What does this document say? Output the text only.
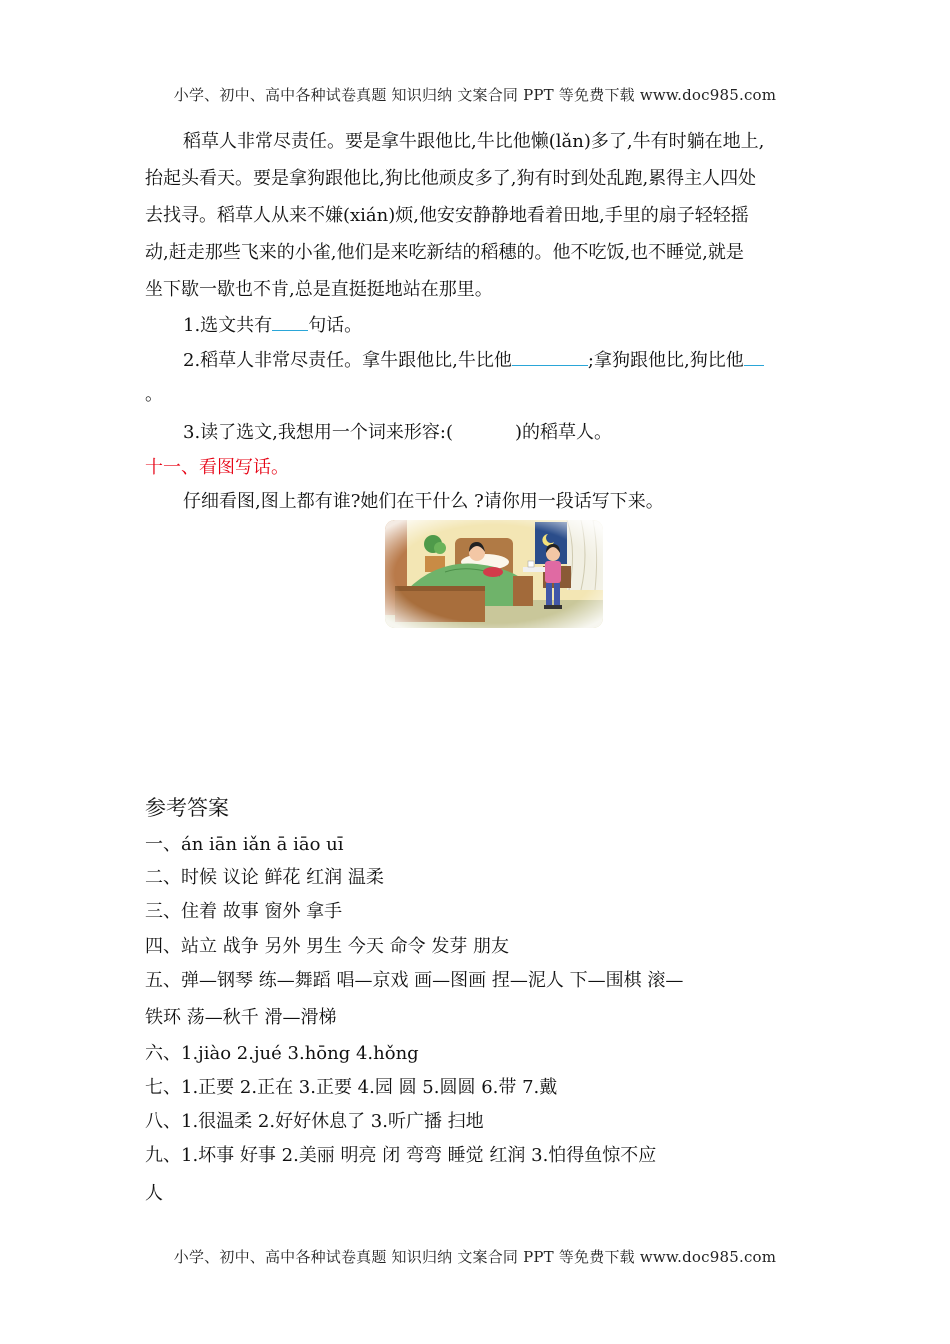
小学、初中、高中各种试卷真题 知识归纳 文案合同 PPT 等免费下载 www.doc985.com
稻草人非常尽责任。要是拿牛跟他比,牛比他懒(lǎn)多了,牛有时躺在地上,
抬起头看天。要是拿狗跟他比,狗比他顽皮多了,狗有时到处乱跑,累得主人四处
去找寻。稻草人从来不嫌(xián)烦,他安安静静地看着田地,手里的扇子轻轻摇
动,赶走那些飞来的小雀,他们是来吃新结的稻穗的。他不吃饭,也不睡觉,就是
坐下歇一歇也不肯,总是直挺挺地站在那里。
1.选文共有 句话。
2.稻草人非常尽责任。拿牛跟他比,牛比他	;拿狗跟他比,狗比他
。
3.读了选文,我想用一个词来形容:(	)的稻草人。
十一、看图写话。
仔细看图,图上都有谁?她们在干什么 ?请你用一段话写下来。
参考答案
一、án iān iǎn ā iāo uī
二、时候 议论 鲜花 红润 温柔
三、住着 故事 窗外 拿手
四、站立 战争 另外 男生 今天 命令 发芽 朋友
五、弹—钢琴 练—舞蹈 唱—京戏 画—图画 捏—泥人 下—围棋 滚—
铁环 荡—秋千 滑—滑梯
六、1.jiào 2.jué 3.hōng 4.hǒng
七、1.正要 2.正在 3.正要 4.园 圆 5.圆圆 6.带 7.戴
八、1.很温柔 2.好好休息了 3.听广播 扫地
九、1.坏事 好事 2.美丽 明亮 闭 弯弯 睡觉 红润 3.怕得鱼惊不应
人
小学、初中、高中各种试卷真题 知识归纳 文案合同 PPT 等免费下载 www.doc985.com
